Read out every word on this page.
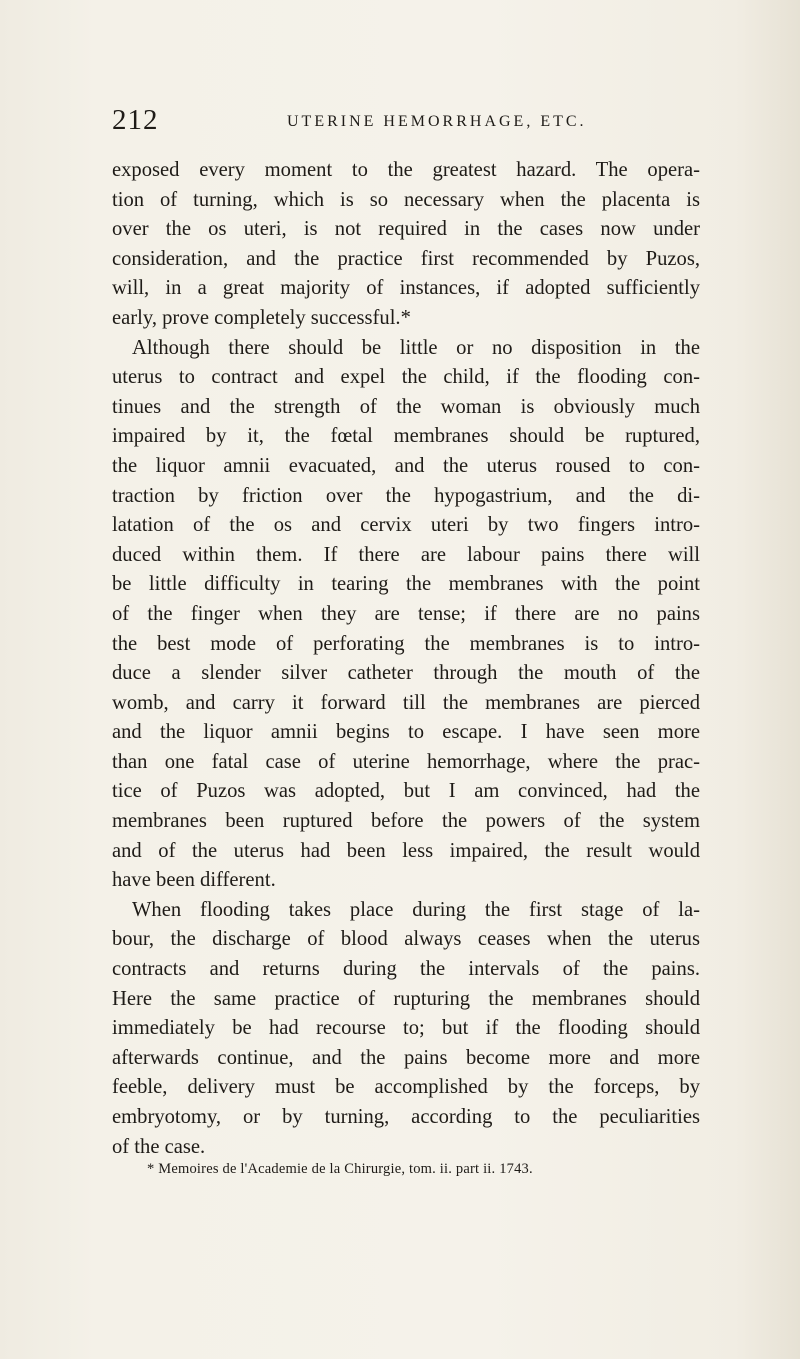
212	UTERINE HEMORRHAGE, ETC.
exposed every moment to the greatest hazard. The opera-
tion of turning, which is so necessary when the placenta is
over the os uteri, is not required in the cases now under
consideration, and the practice first recommended by Puzos,
will, in a great majority of instances, if adopted sufficiently
early, prove completely successful.*
Although there should be little or no disposition in the
uterus to contract and expel the child, if the flooding con-
tinues and the strength of the woman is obviously much
impaired by it, the fœtal membranes should be ruptured,
the liquor amnii evacuated, and the uterus roused to con-
traction by friction over the hypogastrium, and the di-
latation of the os and cervix uteri by two fingers intro-
duced within them. If there are labour pains there will
be little difficulty in tearing the membranes with the point
of the finger when they are tense; if there are no pains
the best mode of perforating the membranes is to intro-
duce a slender silver catheter through the mouth of the
womb, and carry it forward till the membranes are pierced
and the liquor amnii begins to escape. I have seen more
than one fatal case of uterine hemorrhage, where the prac-
tice of Puzos was adopted, but I am convinced, had the
membranes been ruptured before the powers of the system
and of the uterus had been less impaired, the result would
have been different.
When flooding takes place during the first stage of la-
bour, the discharge of blood always ceases when the uterus
contracts and returns during the intervals of the pains.
Here the same practice of rupturing the membranes should
immediately be had recourse to; but if the flooding should
afterwards continue, and the pains become more and more
feeble, delivery must be accomplished by the forceps, by
embryotomy, or by turning, according to the peculiarities
of the case.
* Memoires de l'Academie de la Chirurgie, tom. ii. part ii. 1743.
